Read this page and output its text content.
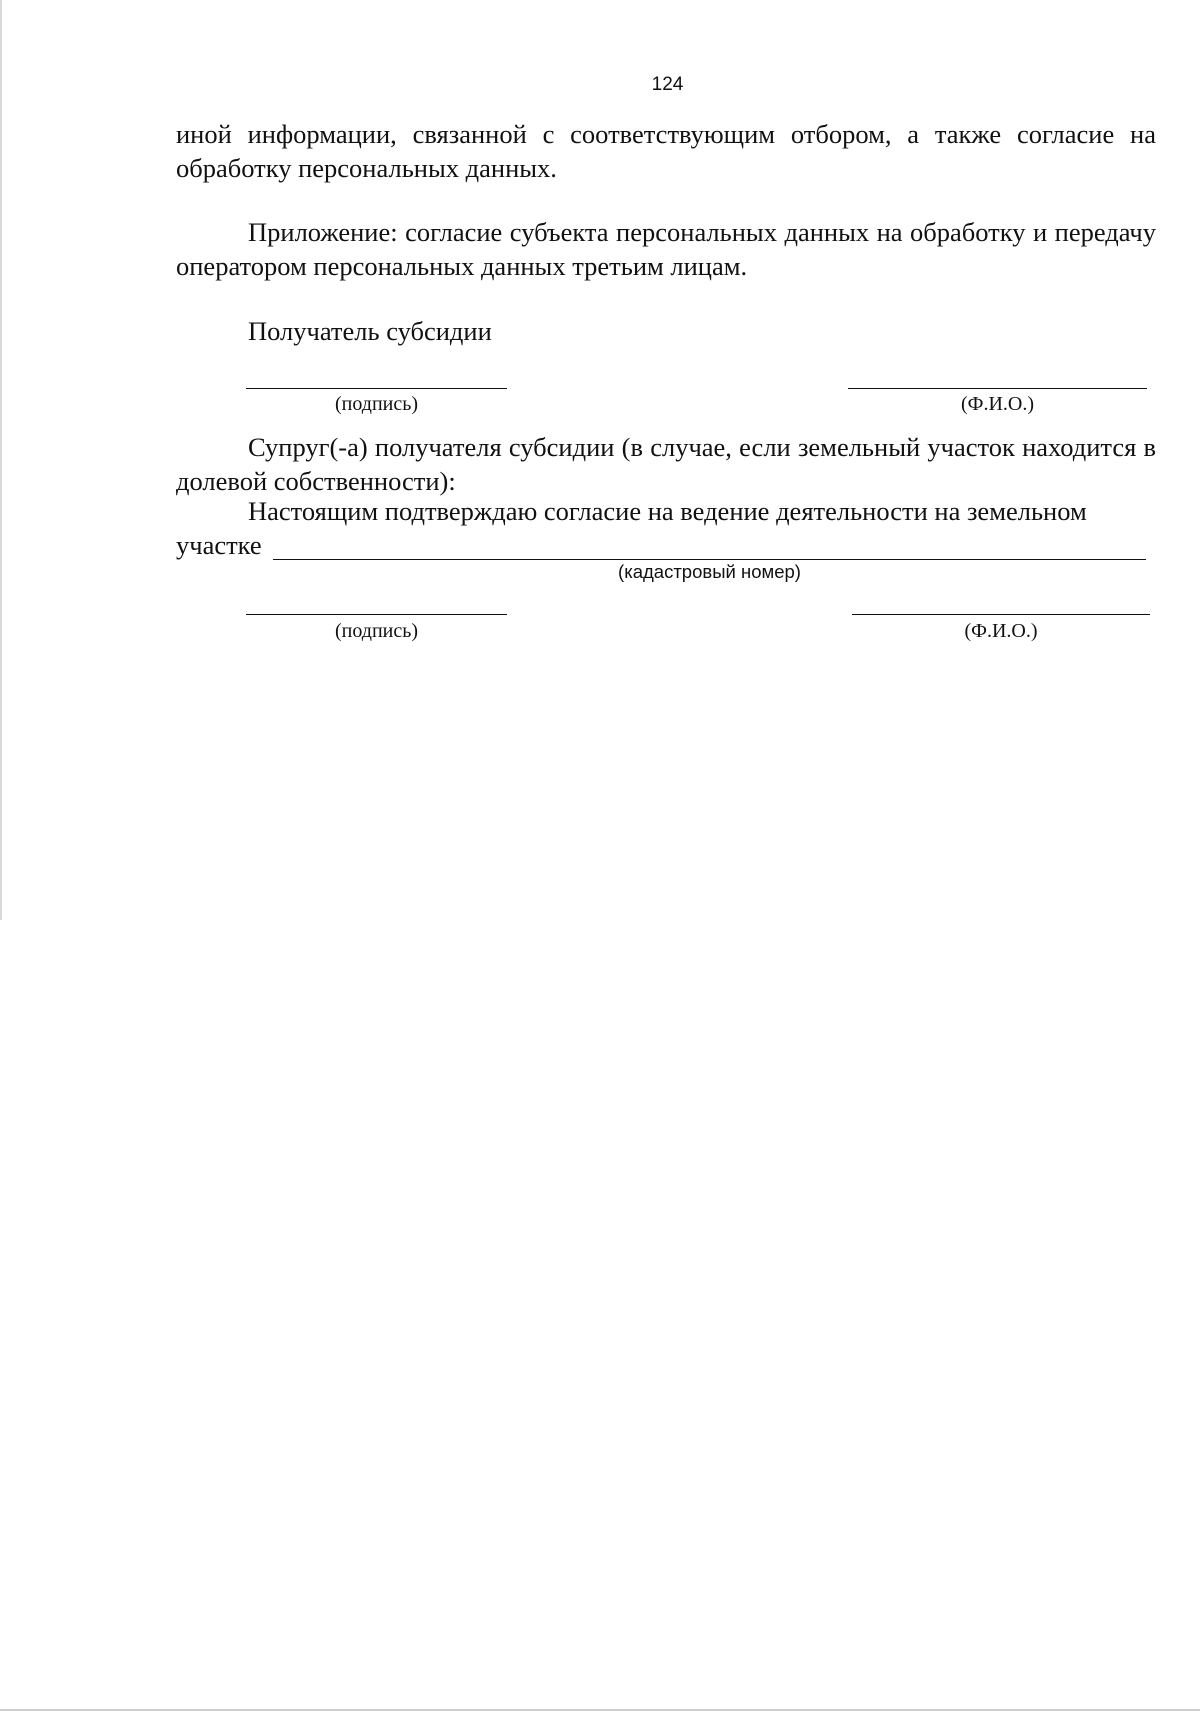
124
иной информации, связанной с соответствующим отбором, а также согласие на обработку персональных данных.
Приложение: согласие субъекта персональных данных на обработку и передачу оператором персональных данных третьим лицам.
Получатель субсидии
(подпись)	(Ф.И.О.)
Супруг(-а) получателя субсидии (в случае, если земельный участок находится в долевой собственности):
Настоящим подтверждаю согласие на ведение деятельности на земельном
участке
(кадастровый номер)
(подпись)	(Ф.И.О.)
